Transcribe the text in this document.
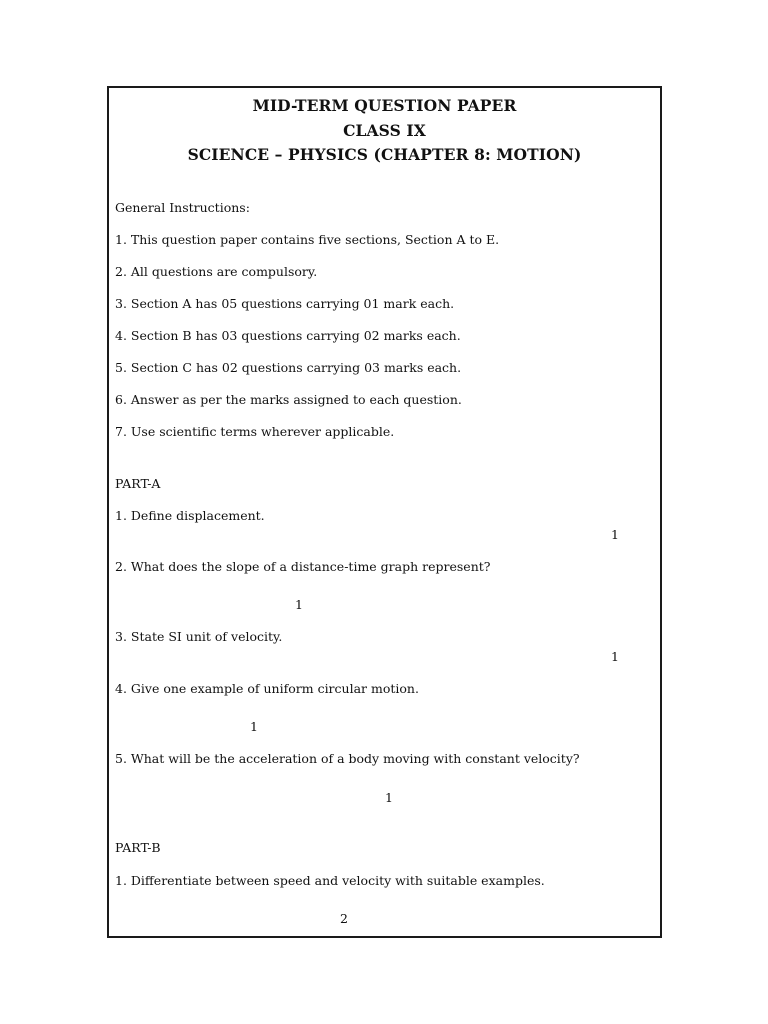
MID-TERM QUESTION PAPER
CLASS IX
SCIENCE – PHYSICS (CHAPTER 8: MOTION)
General Instructions:
1. This question paper contains five sections, Section A to E.
2. All questions are compulsory.
3. Section A has 05 questions carrying 01 mark each.
4. Section B has 03 questions carrying 02 marks each.
5. Section C has 02 questions carrying 03 marks each.
6. Answer as per the marks assigned to each question.
7. Use scientific terms wherever applicable.
PART-A
1. Define displacement.
1
2. What does the slope of a distance-time graph represent?
1
3. State SI unit of velocity.
1
4. Give one example of uniform circular motion.
1
5. What will be the acceleration of a body moving with constant velocity?
1
PART-B
1. Differentiate between speed and velocity with suitable examples.
2
